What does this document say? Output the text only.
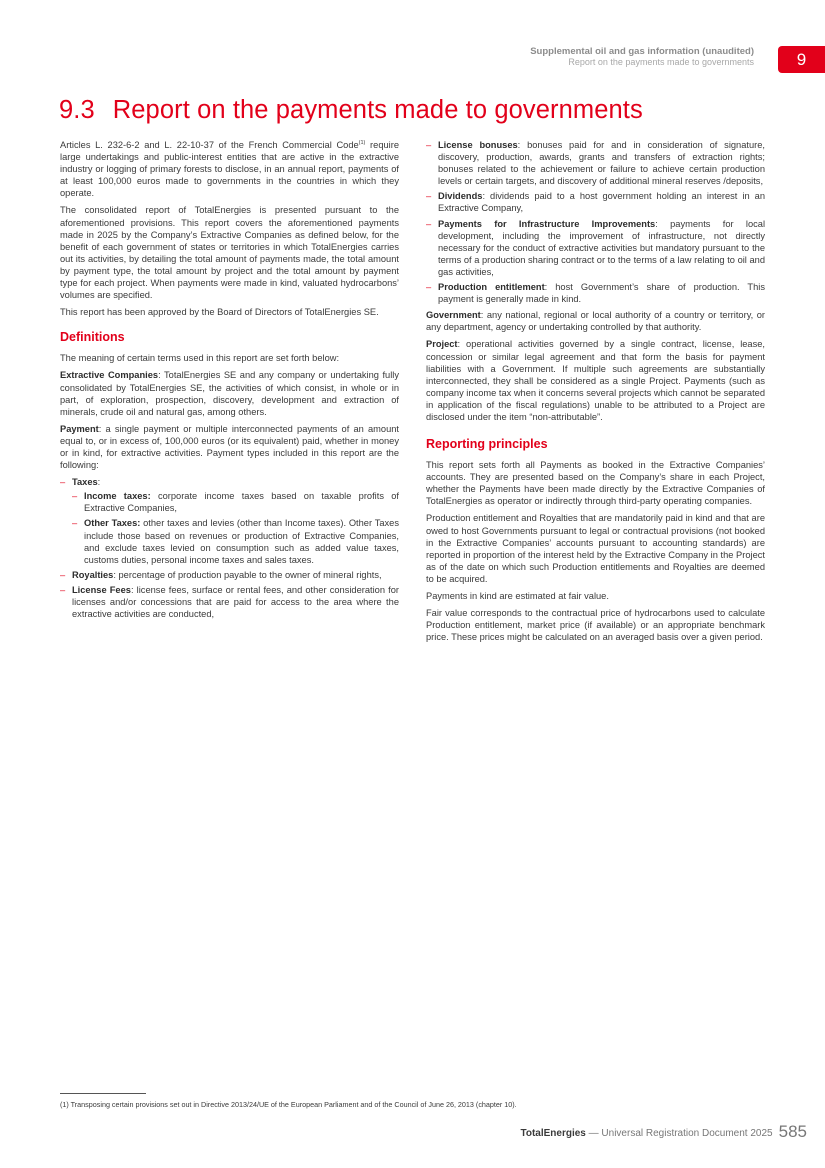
Supplemental oil and gas information (unaudited)
Report on the payments made to governments	9
9.3 Report on the payments made to governments

Articles L. 232-6-2 and L. 22-10-37 of the French Commercial Code$^{(1)}$ require large undertakings and public-interest entities that are active in the extractive industry or logging of primary forests to disclose, in an annual report, payments of at least 100,000 euros made to governments in the countries in which they operate.

The consolidated report of TotalEnergies is presented pursuant to the aforementioned provisions. This report covers the aforementioned payments made in 2025 by the Company’s Extractive Companies as defined below, for the benefit of each government of states or territories in which TotalEnergies carries out its activities, by detailing the total amount of payments made, the total amount by payment type, the total amount by project and the total amount by payment type for each project. When payments were made in kind, valuated hydrocarbons’ volumes are specified.

This report has been approved by the Board of Directors of TotalEnergies SE.

Definitions

The meaning of certain terms used in this report are set forth below:

Extractive Companies: TotalEnergies SE and any company or undertaking fully consolidated by TotalEnergies SE, the activities of which consist, in whole or in part, of exploration, prospection, discovery, development and extraction of minerals, crude oil and natural gas, among others.

Payment: a single payment or multiple interconnected payments of an amount equal to, or in excess of, 100,000 euros (or its equivalent) paid, whether in money or in kind, for extractive activities. Payment types included in this report are the following:

– Taxes:
– Income taxes: corporate income taxes based on taxable profits of Extractive Companies,
– Other Taxes: other taxes and levies (other than Income taxes). Other Taxes include those based on revenues or production of Extractive Companies, and exclude taxes levied on consumption such as added value taxes, customs duties, personal income taxes and sales taxes.
– Royalties: percentage of production payable to the owner of mineral rights,
– License Fees: license fees, surface or rental fees, and other consideration for licenses and/or concessions that are paid for access to the area where the extractive activities are conducted,
– License bonuses: bonuses paid for and in consideration of signature, discovery, production, awards, grants and transfers of extraction rights; bonuses related to the achievement or failure to achieve certain production levels or certain targets, and discovery of additional mineral reserves /deposits,
– Dividends: dividends paid to a host government holding an interest in an Extractive Company,
– Payments for Infrastructure Improvements: payments for local development, including the improvement of infrastructure, not directly necessary for the conduct of extractive activities but mandatory pursuant to the terms of a production sharing contract or to the terms of a law relating to oil and gas activities,
– Production entitlement: host Government’s share of production. This payment is generally made in kind.

Government: any national, regional or local authority of a country or territory, or any department, agency or undertaking controlled by that authority.

Project: operational activities governed by a single contract, license, lease, concession or similar legal agreement and that form the basis for payment liabilities with a Government. If multiple such agreements are substantially interconnected, they shall be considered as a single Project. Payments (such as company income tax when it concerns several projects which cannot be separated in application of the fiscal regulations) unable to be attributed to a Project are disclosed under the item “non-attributable”.

Reporting principles

This report sets forth all Payments as booked in the Extractive Companies’ accounts. They are presented based on the Company’s share in each Project, whether the Payments have been made directly by the Extractive Companies of TotalEnergies as operator or indirectly through third-party operating companies.

Production entitlement and Royalties that are mandatorily paid in kind and that are owed to host Governments pursuant to legal or contractual provisions (not booked in the Extractive Companies’ accounts pursuant to accounting standards) are reported in proportion of the interest held by the Extractive Company in the Project as of the date on which such Production entitlements and Royalties are deemed to be acquired.

Payments in kind are estimated at fair value.

Fair value corresponds to the contractual price of hydrocarbons used to calculate Production entitlement, market price (if available) or an appropriate benchmark price. These prices might be calculated on an averaged basis over a given period.

(1) Transposing certain provisions set out in Directive 2013/24/UE of the European Parliament and of the Council of June 26, 2013 (chapter 10).
TotalEnergies — Universal Registration Document 2025 585
